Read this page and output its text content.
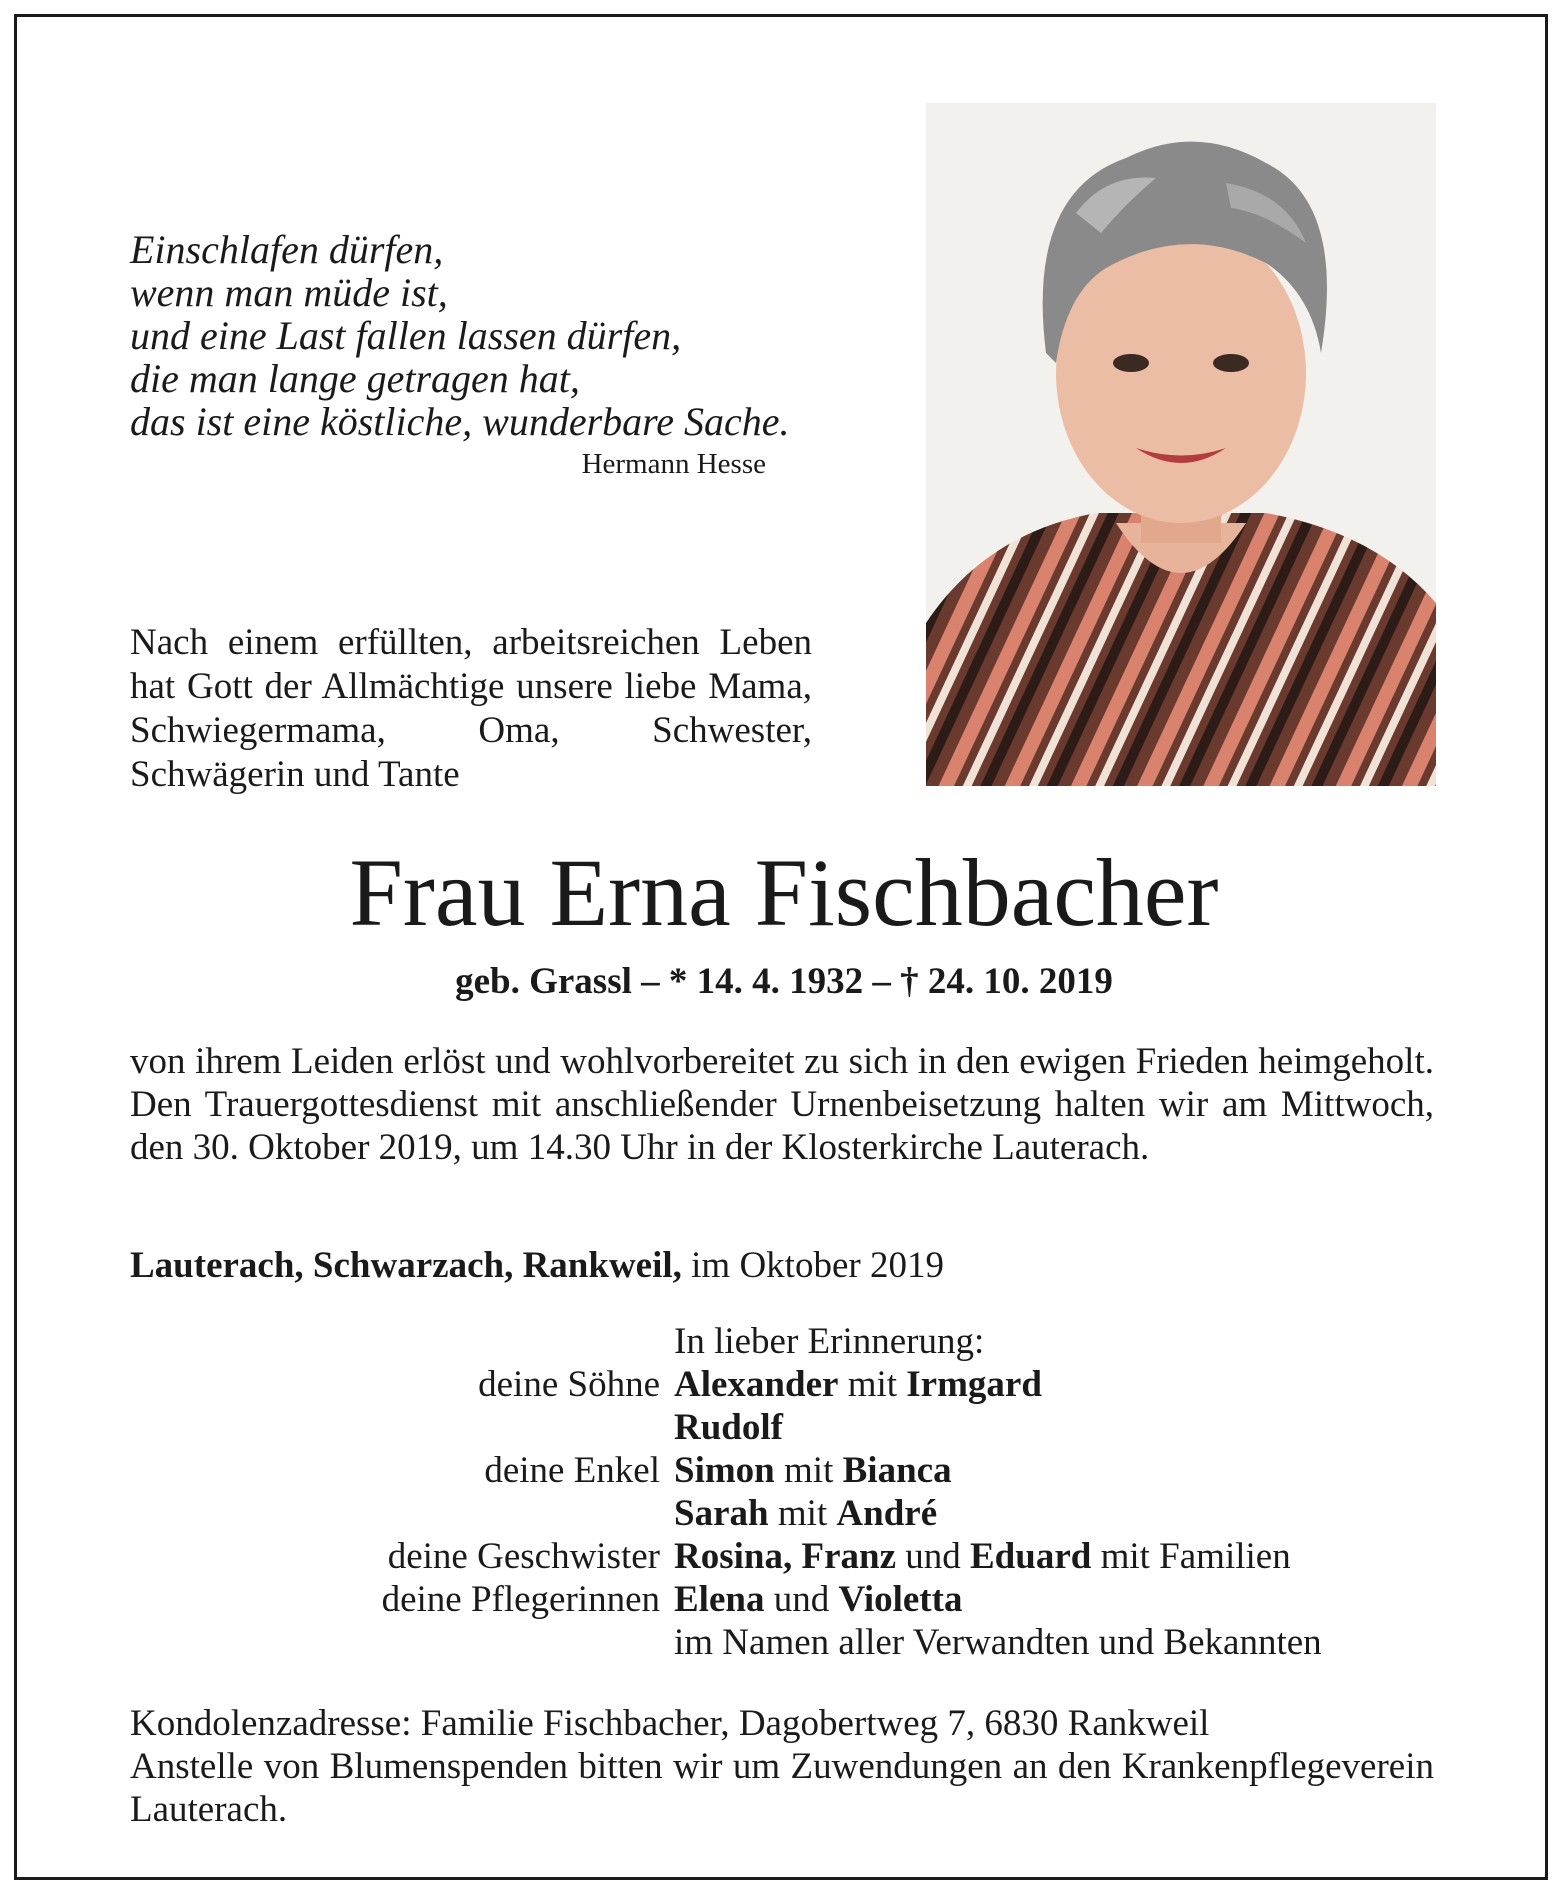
Einschlafen dürfen,
wenn man müde ist,
und eine Last fallen lassen dürfen,
die man lange getragen hat,
das ist eine köstliche, wunderbare Sache.
Hermann Hesse
Nach einem erfüllten, arbeitsreichen Leben hat Gott der Allmächtige unsere liebe Mama, Schwiegermama, Oma, Schwester, Schwägerin und Tante
Frau Erna Fischbacher
geb. Grassl – * 14. 4. 1932 – † 24. 10. 2019
von ihrem Leiden erlöst und wohlvorbereitet zu sich in den ewigen Frieden heimgeholt. Den Trauergottesdienst mit anschließender Urnenbeisetzung halten wir am Mittwoch, den 30. Oktober 2019, um 14.30 Uhr in der Klosterkirche Lauterach.
Lauterach, Schwarzach, Rankweil, im Oktober 2019
In lieber Erinnerung:
deine Söhne Alexander mit Irmgard
Rudolf
deine Enkel Simon mit Bianca
Sarah mit André
deine Geschwister Rosina, Franz und Eduard mit Familien
deine Pflegerinnen Elena und Violetta
im Namen aller Verwandten und Bekannten
Kondolenzadresse: Familie Fischbacher, Dagobertweg 7, 6830 Rankweil
Anstelle von Blumenspenden bitten wir um Zuwendungen an den Krankenpflegeverein Lauterach.
